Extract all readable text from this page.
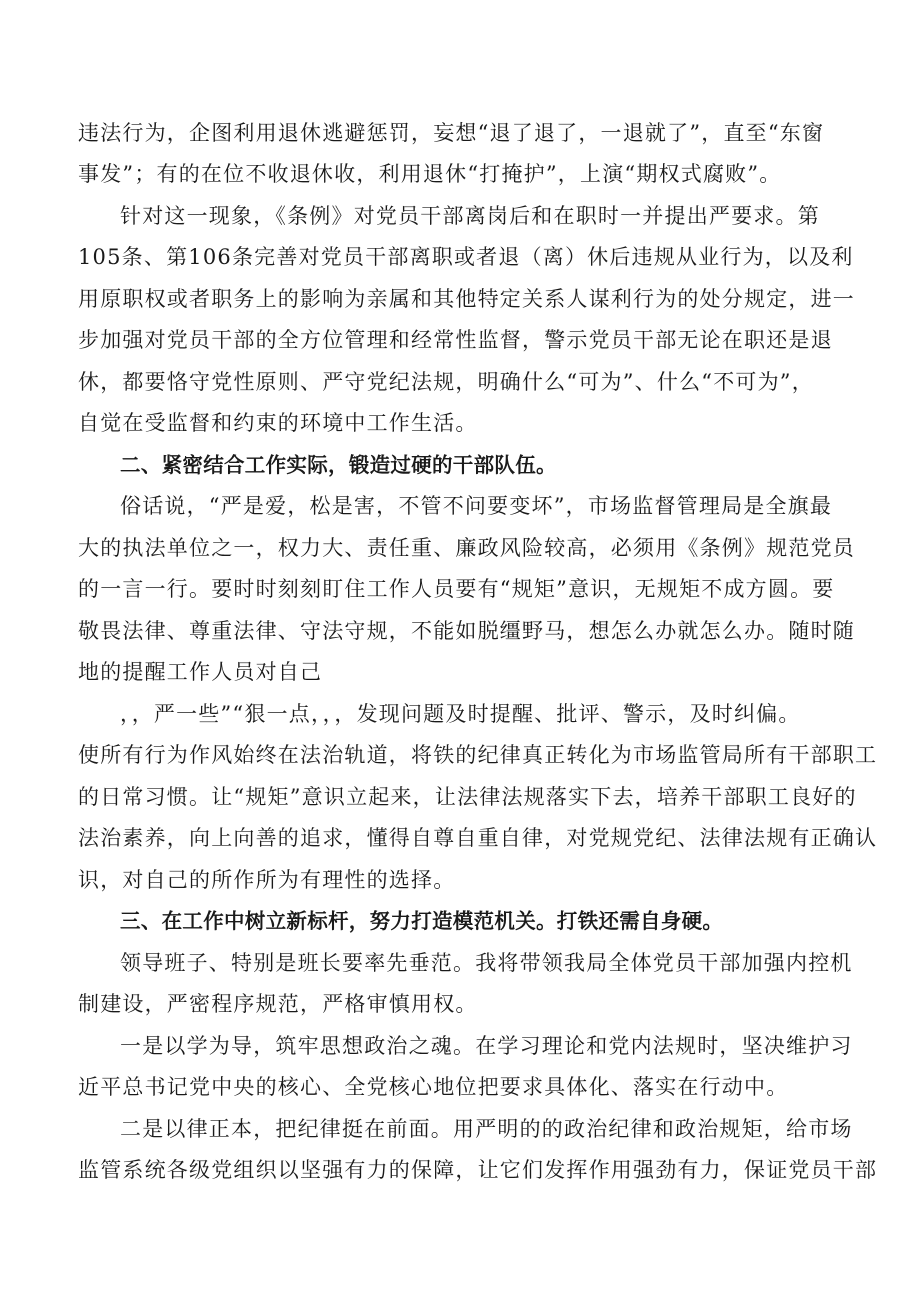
违法行为，企图利用退休逃避惩罚，妄想“退了退了，一退就了”，直至“东窗
事发”；有的在位不收退休收，利用退休“打掩护”，上演“期权式腐败”。
针对这一现象，《条例》对党员干部离岗后和在职时一并提出严要求。第
105条、第106条完善对党员干部离职或者退（离）休后违规从业行为，以及利
用原职权或者职务上的影响为亲属和其他特定关系人谋利行为的处分规定，进一
步加强对党员干部的全方位管理和经常性监督，警示党员干部无论在职还是退
休，都要恪守党性原则、严守党纪法规，明确什么“可为”、什么“不可为”，
自觉在受监督和约束的环境中工作生活。
二、紧密结合工作实际，锻造过硬的干部队伍。
俗话说，“严是爱，松是害，不管不问要变坏”，市场监督管理局是全旗最
大的执法单位之一，权力大、责任重、廉政风险较高，必须用《条例》规范党员
的一言一行。要时时刻刻盯住工作人员要有“规矩”意识，无规矩不成方圆。要
敬畏法律、尊重法律、守法守规，不能如脱缰野马，想怎么办就怎么办。随时随
地的提醒工作人员对自己
，，严一些”“狠一点，，，发现问题及时提醒、批评、警示，及时纠偏。
使所有行为作风始终在法治轨道，将铁的纪律真正转化为市场监管局所有干部职工
的日常习惯。让“规矩”意识立起来，让法律法规落实下去，培养干部职工良好的
法治素养，向上向善的追求，懂得自尊自重自律，对党规党纪、法律法规有正确认
识，对自己的所作所为有理性的选择。
三、在工作中树立新标杆，努力打造模范机关。打铁还需自身硬。
领导班子、特别是班长要率先垂范。我将带领我局全体党员干部加强内控机
制建设，严密程序规范，严格审慎用权。
一是以学为导，筑牢思想政治之魂。在学习理论和党内法规时，坚决维护习
近平总书记党中央的核心、全党核心地位把要求具体化、落实在行动中。
二是以律正本，把纪律挺在前面。用严明的的政治纪律和政治规矩，给市场
监管系统各级党组织以坚强有力的保障，让它们发挥作用强劲有力，保证党员干部
